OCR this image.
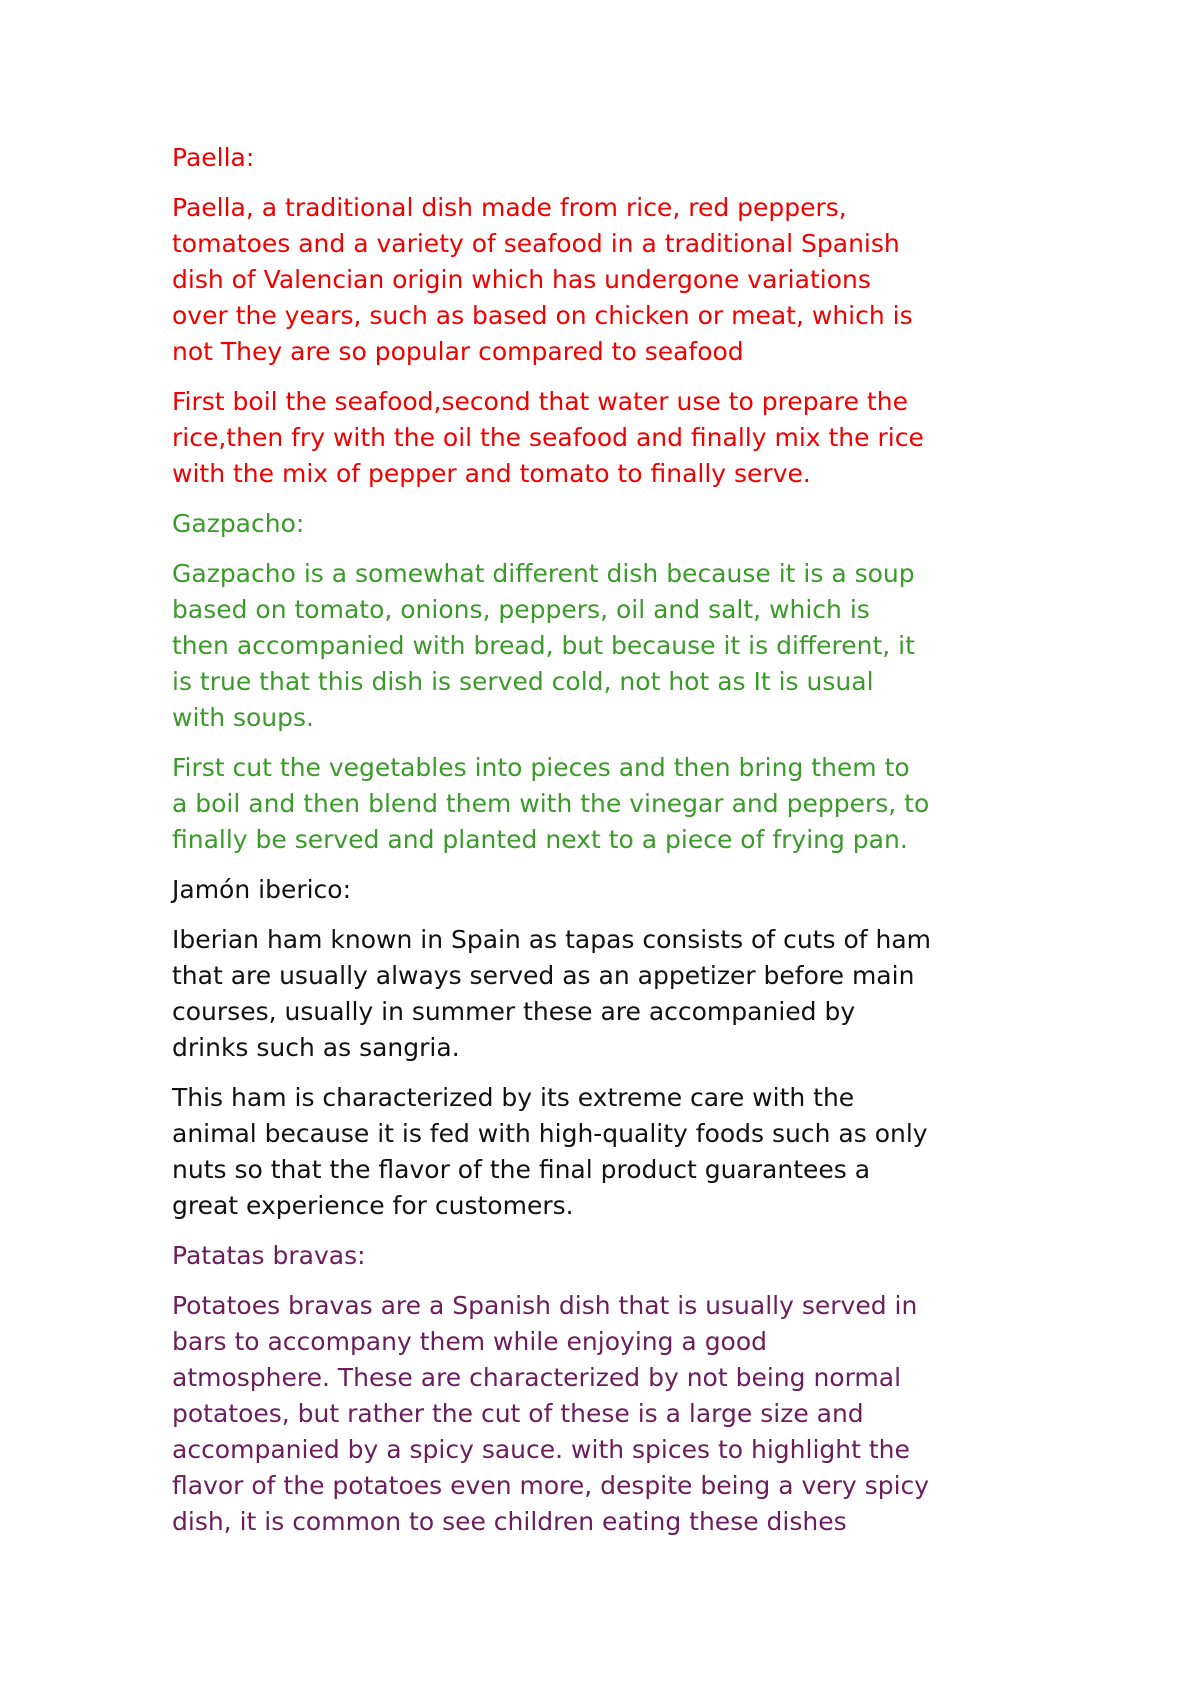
Paella:

Paella, a traditional dish made from rice, red peppers,
tomatoes and a variety of seafood in a traditional Spanish
dish of Valencian origin which has undergone variations
over the years, such as based on chicken or meat, which is
not They are so popular compared to seafood

First boil the seafood,second that water use to prepare the
rice,then fry with the oil the seafood and finally mix the rice
with the mix of pepper and tomato to finally serve.

Gazpacho:

Gazpacho is a somewhat different dish because it is a soup
based on tomato, onions, peppers, oil and salt, which is
then accompanied with bread, but because it is different, it
is true that this dish is served cold, not hot as It is usual
with soups.

First cut the vegetables into pieces and then bring them to
a boil and then blend them with the vinegar and peppers, to
finally be served and planted next to a piece of frying pan.

Jamón iberico:

Iberian ham known in Spain as tapas consists of cuts of ham
that are usually always served as an appetizer before main
courses, usually in summer these are accompanied by
drinks such as sangria.

This ham is characterized by its extreme care with the
animal because it is fed with high-quality foods such as only
nuts so that the flavor of the final product guarantees a
great experience for customers.

Patatas bravas:

Potatoes bravas are a Spanish dish that is usually served in
bars to accompany them while enjoying a good
atmosphere. These are characterized by not being normal
potatoes, but rather the cut of these is a large size and
accompanied by a spicy sauce. with spices to highlight the
flavor of the potatoes even more, despite being a very spicy
dish, it is common to see children eating these dishes
